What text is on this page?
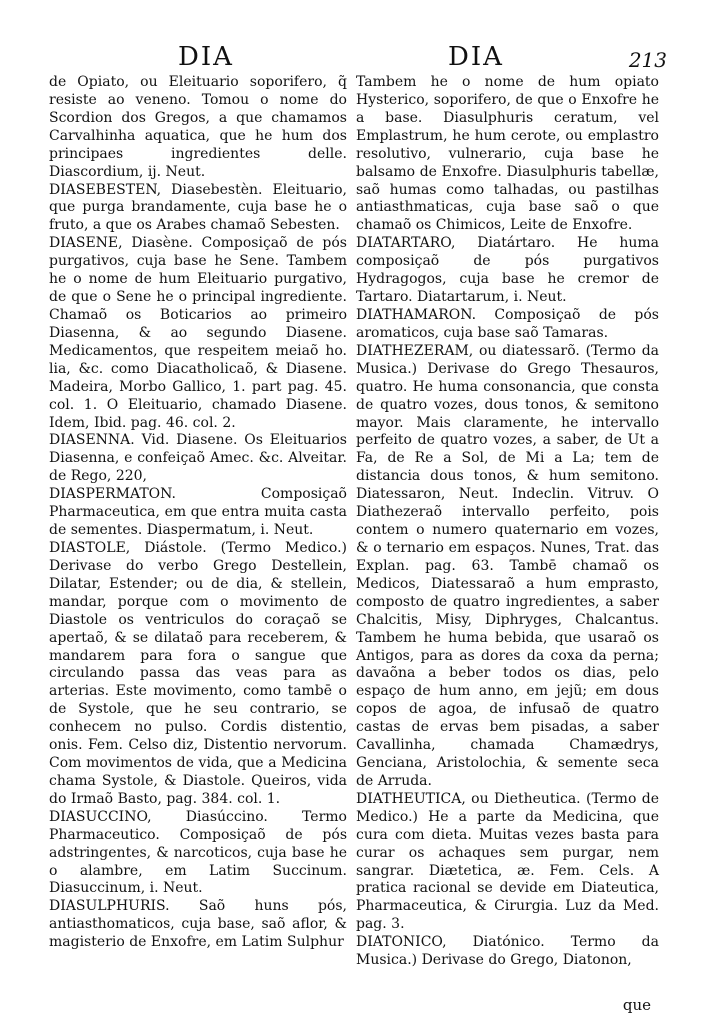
DIA	DIA	213

de Opiato, ou Eleituario soporifero, q̃ resiste ao veneno. Tomou o nome do Scordion dos Gregos, a que chamamos Carvalhinha aquatica, que he hum dos principaes ingredientes delle. Diascordium, ij. Neut.

DIASEBESTEN, Diasebestèn. Eleituario, que purga brandamente, cuja base he o fruto, a que os Arabes chamaõ Sebesten.

DIASENE, Diasène. Composiçaõ de pós purgativos, cuja base he Sene. Tambem he o nome de hum Eleituario purgativo, de que o Sene he o principal ingrediente. Chamaõ os Boticarios ao primeiro Diasenna, & ao segundo Diasene. Medicamentos, que respeitem meiaõ ho. lia, &c. como Diacatholicaõ, & Diasene. Madeira, Morbo Gallico, 1. part pag. 45. col. 1. O Eleituario, chamado Diasene. Idem, Ibid. pag. 46. col. 2.

DIASENNA. Vid. Diasene. Os Eleituarios Diasenna, e confeiçaõ Amec. &c. Alveitar. de Rego, 220,

DIASPERMATON. Composiçaõ Pharmaceutica, em que entra muita casta de sementes. Diaspermatum, i. Neut.

DIASTOLE, Diástole. (Termo Medico.) Derivase do verbo Grego Destellein, Dilatar, Estender; ou de dia, & stellein, mandar, porque com o movimento de Diastole os ventriculos do coraçaõ se apertaõ, & se dilataõ para receberem, & mandarem para fora o sangue que circulando passa das veas para as arterias. Este movimento, como tambē o de Systole, que he seu contrario, se conhecem no pulso. Cordis distentio, onis. Fem. Celso diz, Distentio nervorum. Com movimentos de vida, que a Medicina chama Systole, & Diastole. Queiros, vida do Irmaõ Basto, pag. 384. col. 1.

DIASUCCINO, Diasúccino. Termo Pharmaceutico. Composiçaõ de pós adstringentes, & narcoticos, cuja base he o alambre, em Latim Succinum. Diasuccinum, i. Neut.

DIASULPHURIS. Saõ huns pós, antiasthomaticos, cuja base, saõ aflor, & magisterio de Enxofre, em Latim Sulphur

Tambem he o nome de hum opiato Hysterico, soporifero, de que o Enxofre he a base. Diasulphuris ceratum, vel Emplastrum, he hum cerote, ou emplastro resolutivo, vulnerario, cuja base he balsamo de Enxofre. Diasulphuris tabellæ, saõ humas como talhadas, ou pastilhas antiasthmaticas, cuja base saõ o que chamaõ os Chimicos, Leite de Enxofre.

DIATARTARO, Diatártaro. He huma composiçaõ de pós purgativos Hydragogos, cuja base he cremor de Tartaro. Diatartarum, i. Neut.

DIATHAMARON. Composiçaõ de pós aromaticos, cuja base saõ Tamaras.

DIATHEZERAM, ou diatessarõ. (Termo da Musica.) Derivase do Grego Thesauros, quatro. He huma consonancia, que consta de quatro vozes, dous tonos, & semitono mayor. Mais claramente, he intervallo perfeito de quatro vozes, a saber, de Ut a Fa, de Re a Sol, de Mi a La; tem de distancia dous tonos, & hum semitono. Diatessaron, Neut. Indeclin. Vitruv. O Diathezeraõ intervallo perfeito, pois contem o numero quaternario em vozes, & o ternario em espaços. Nunes, Trat. das Explan. pag. 63. Tambē chamaõ os Medicos, Diatessaraõ a hum emprasto, composto de quatro ingredientes, a saber Chalcitis, Misy, Diphryges, Chalcantus. Tambem he huma bebida, que usaraõ os Antigos, para as dores da coxa da perna; davaõna a beber todos os dias, pelo espaço de hum anno, em jejũ; em dous copos de agoa, de infusaõ de quatro castas de ervas bem pisadas, a saber Cavallinha, chamada Chamædrys, Genciana, Aristolochia, & semente seca de Arruda.

DIATHEUTICA, ou Dietheutica. (Termo de Medico.) He a parte da Medicina, que cura com dieta. Muitas vezes basta para curar os achaques sem purgar, nem sangrar. Diætetica, æ. Fem. Cels. A pratica racional se devide em Diateutica, Pharmaceutica, & Cirurgia. Luz da Med. pag. 3.

DIATONICO, Diatónico. Termo da Musica.) Derivase do Grego, Diatonon,

que
